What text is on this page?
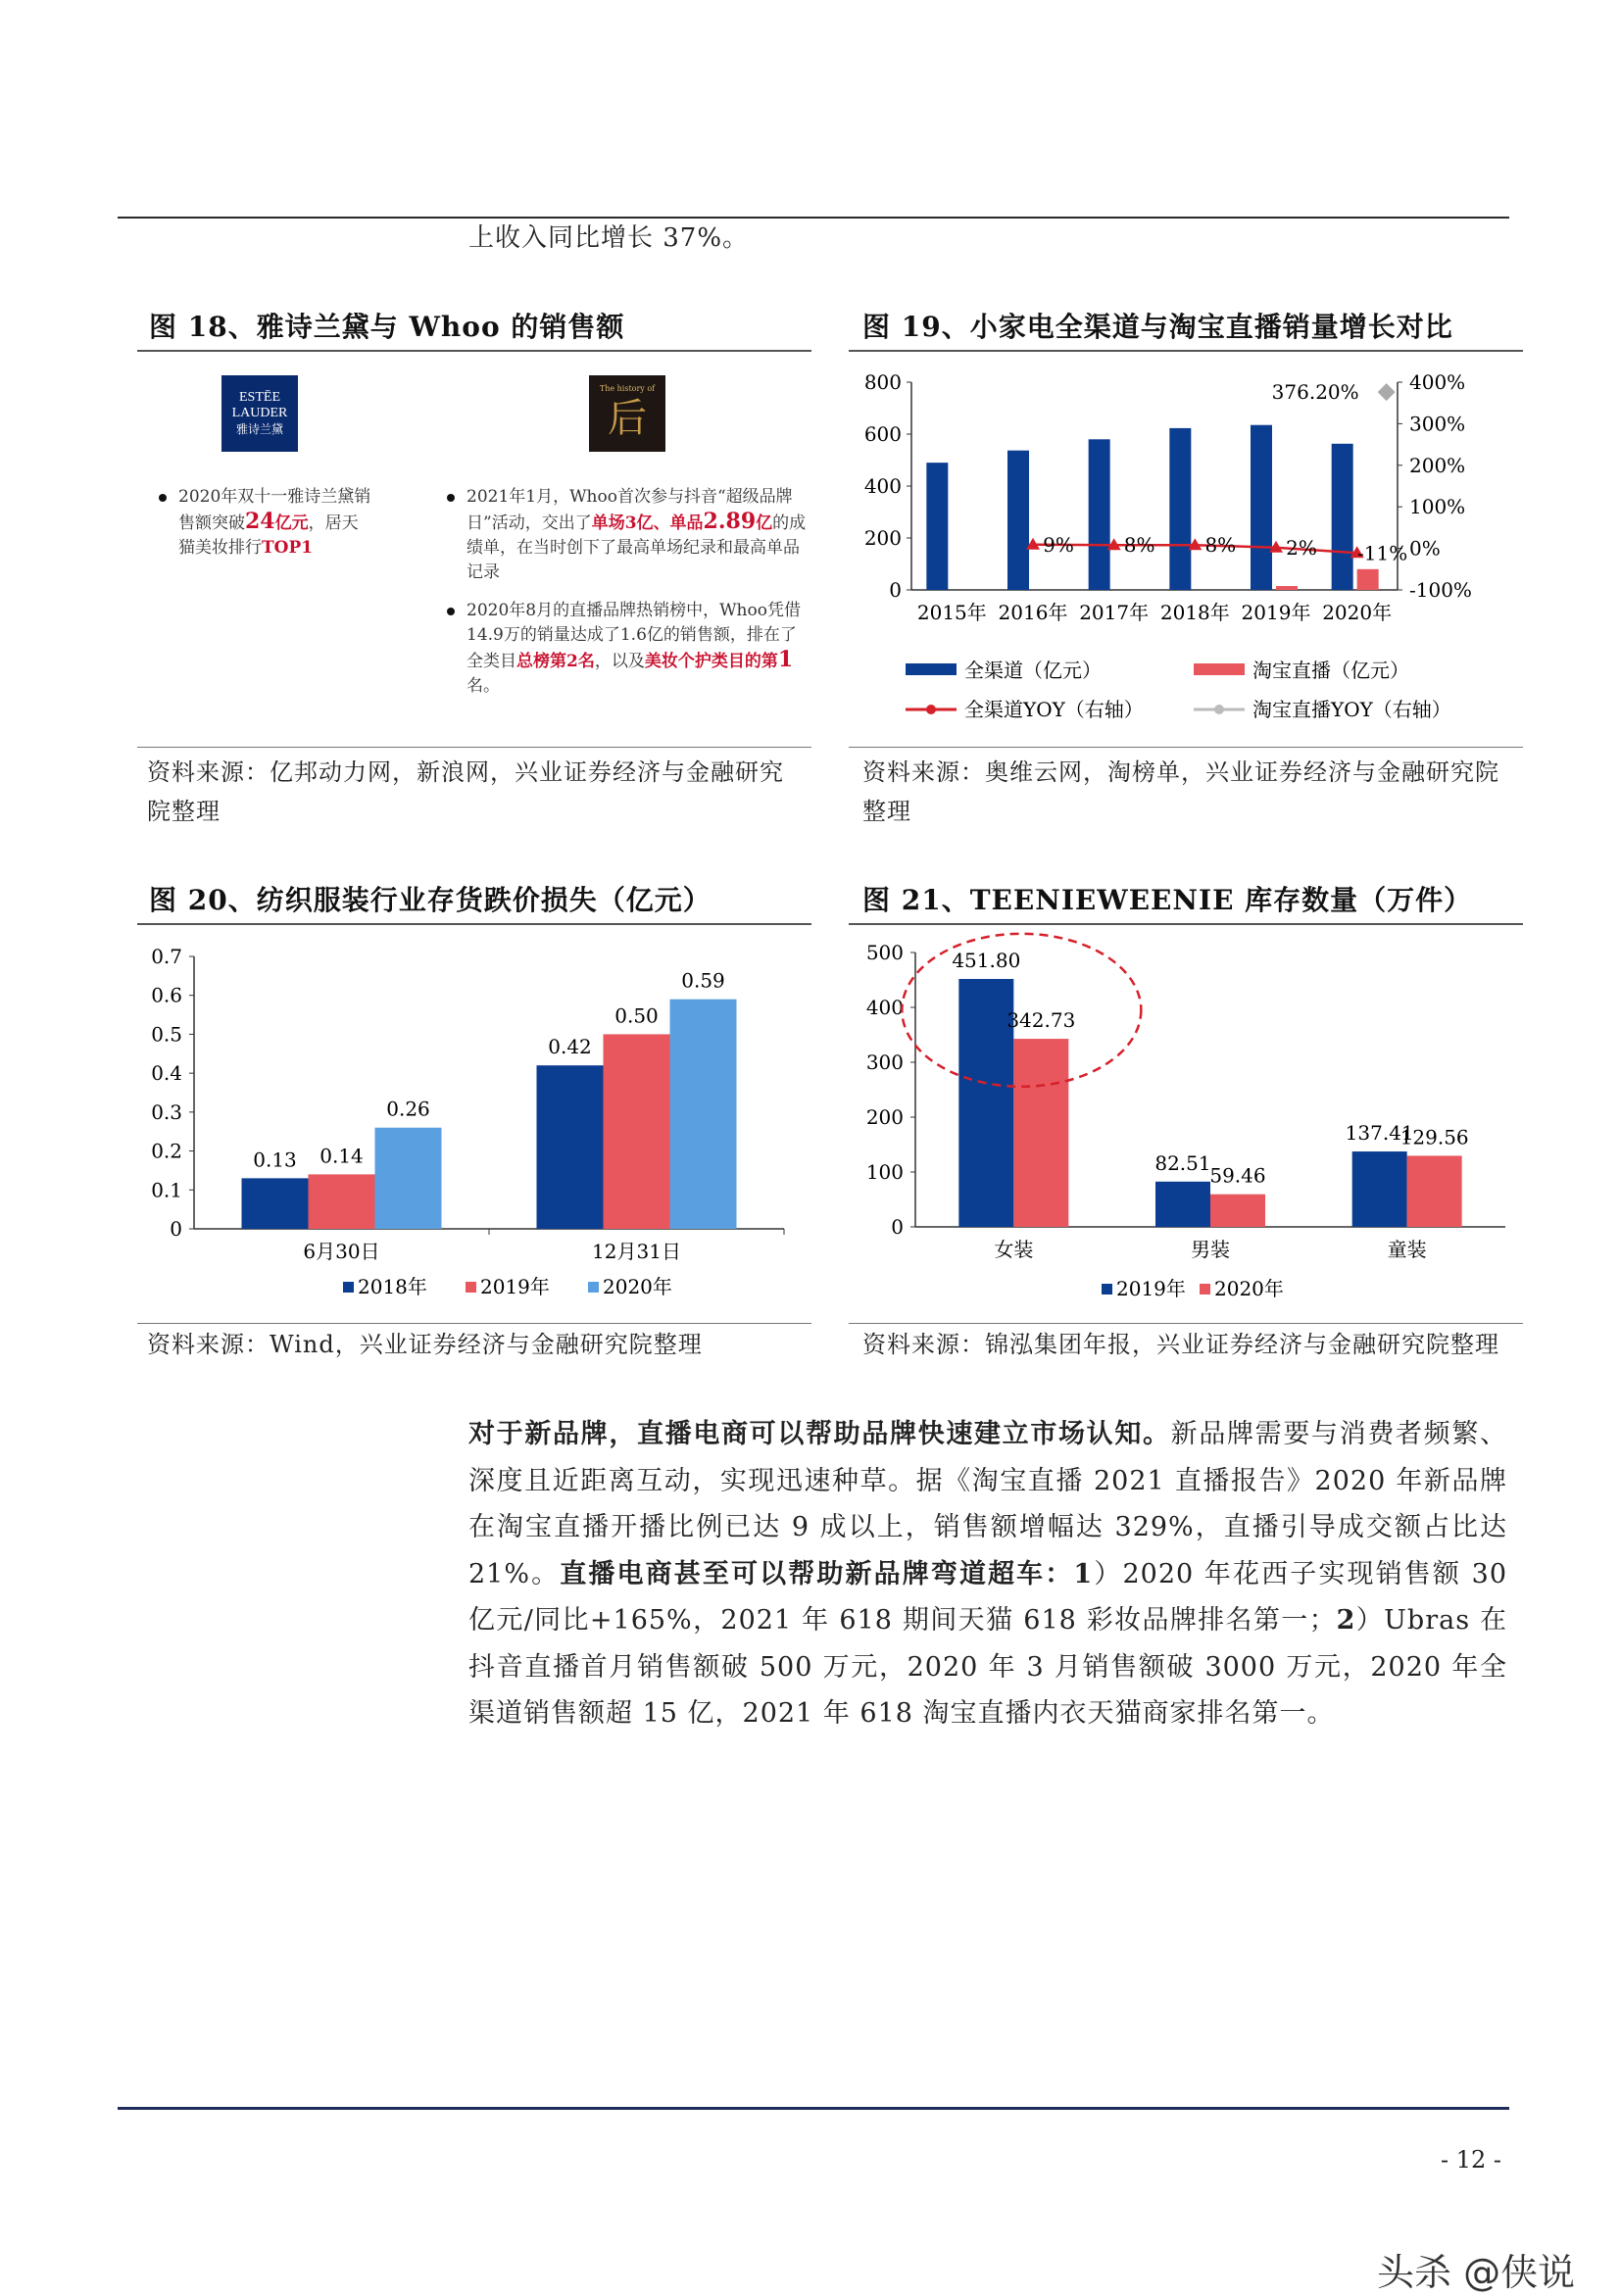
上收入同比增长 37%。
图 18、雅诗兰黛与 Whoo 的销售额
ESTĒE
LAUDER
雅诗兰黛
The history of
后
2020年双十一雅诗兰黛销售额突破24亿元，居天猫美妆排行TOP1
2021年1月，Whoo首次参与抖音“超级品牌日”活动，交出了单场3亿、单品2.89亿的成绩单，在当时创下了最高单场纪录和最高单品记录
2020年8月的直播品牌热销榜中，Whoo凭借14.9万的销量达成了1.6亿的销售额，排在了全类目总榜第2名，以及美妆个护类目的第1名。
资料来源：亿邦动力网，新浪网，兴业证券经济与金融研究
院整理
图 19、小家电全渠道与淘宝直播销量增长对比
0
200
400
600
800
-100%
0%
100%
200%
300%
400%
2015年 2016年 2017年 2018年 2019年 2020年
9%	8%	8%	2% -11%
376.20%
全渠道（亿元）	淘宝直播（亿元）
全渠道YOY（右轴）	淘宝直播YOY（右轴）
资料来源：奥维云网，淘榜单，兴业证券经济与金融研究院
整理
图 20、纺织服装行业存货跌价损失（亿元）
0
0.1
0.2
0.3
0.4
0.5
0.6
0.7
6月30日
0.13 0.14
0.26
12月31日
0.42
0.50
0.59
2018年	2019年	2020年
资料来源：Wind，兴业证券经济与金融研究院整理
图 21、TEENIEWEENIE 库存数量（万件）
0
100
200
300
400
500
女装
451.80
342.73
男装
82.51
59.46
童装
137.41
129.56
2019年 2020年
资料来源：锦泓集团年报，兴业证券经济与金融研究院整理
对于新品牌，直播电商可以帮助品牌快速建立市场认知。新品牌需要与消费者频繁、深度且近距离互动，实现迅速种草。据《淘宝直播 2021 直播报告》2020 年新品牌在淘宝直播开播比例已达 9 成以上，销售额增幅达 329%，直播引导成交额占比达 21%。直播电商甚至可以帮助新品牌弯道超车：1）2020 年花西子实现销售额 30 亿元/同比+165%，2021 年 618 期间天猫 618 彩妆品牌排名第一；2）Ubras 在抖音直播首月销售额破 500 万元，2020 年 3 月销售额破 3000 万元，2020 年全渠道销售额超 15 亿，2021 年 618 淘宝直播内衣天猫商家排名第一。
- 12 -
头杀 @侠说
